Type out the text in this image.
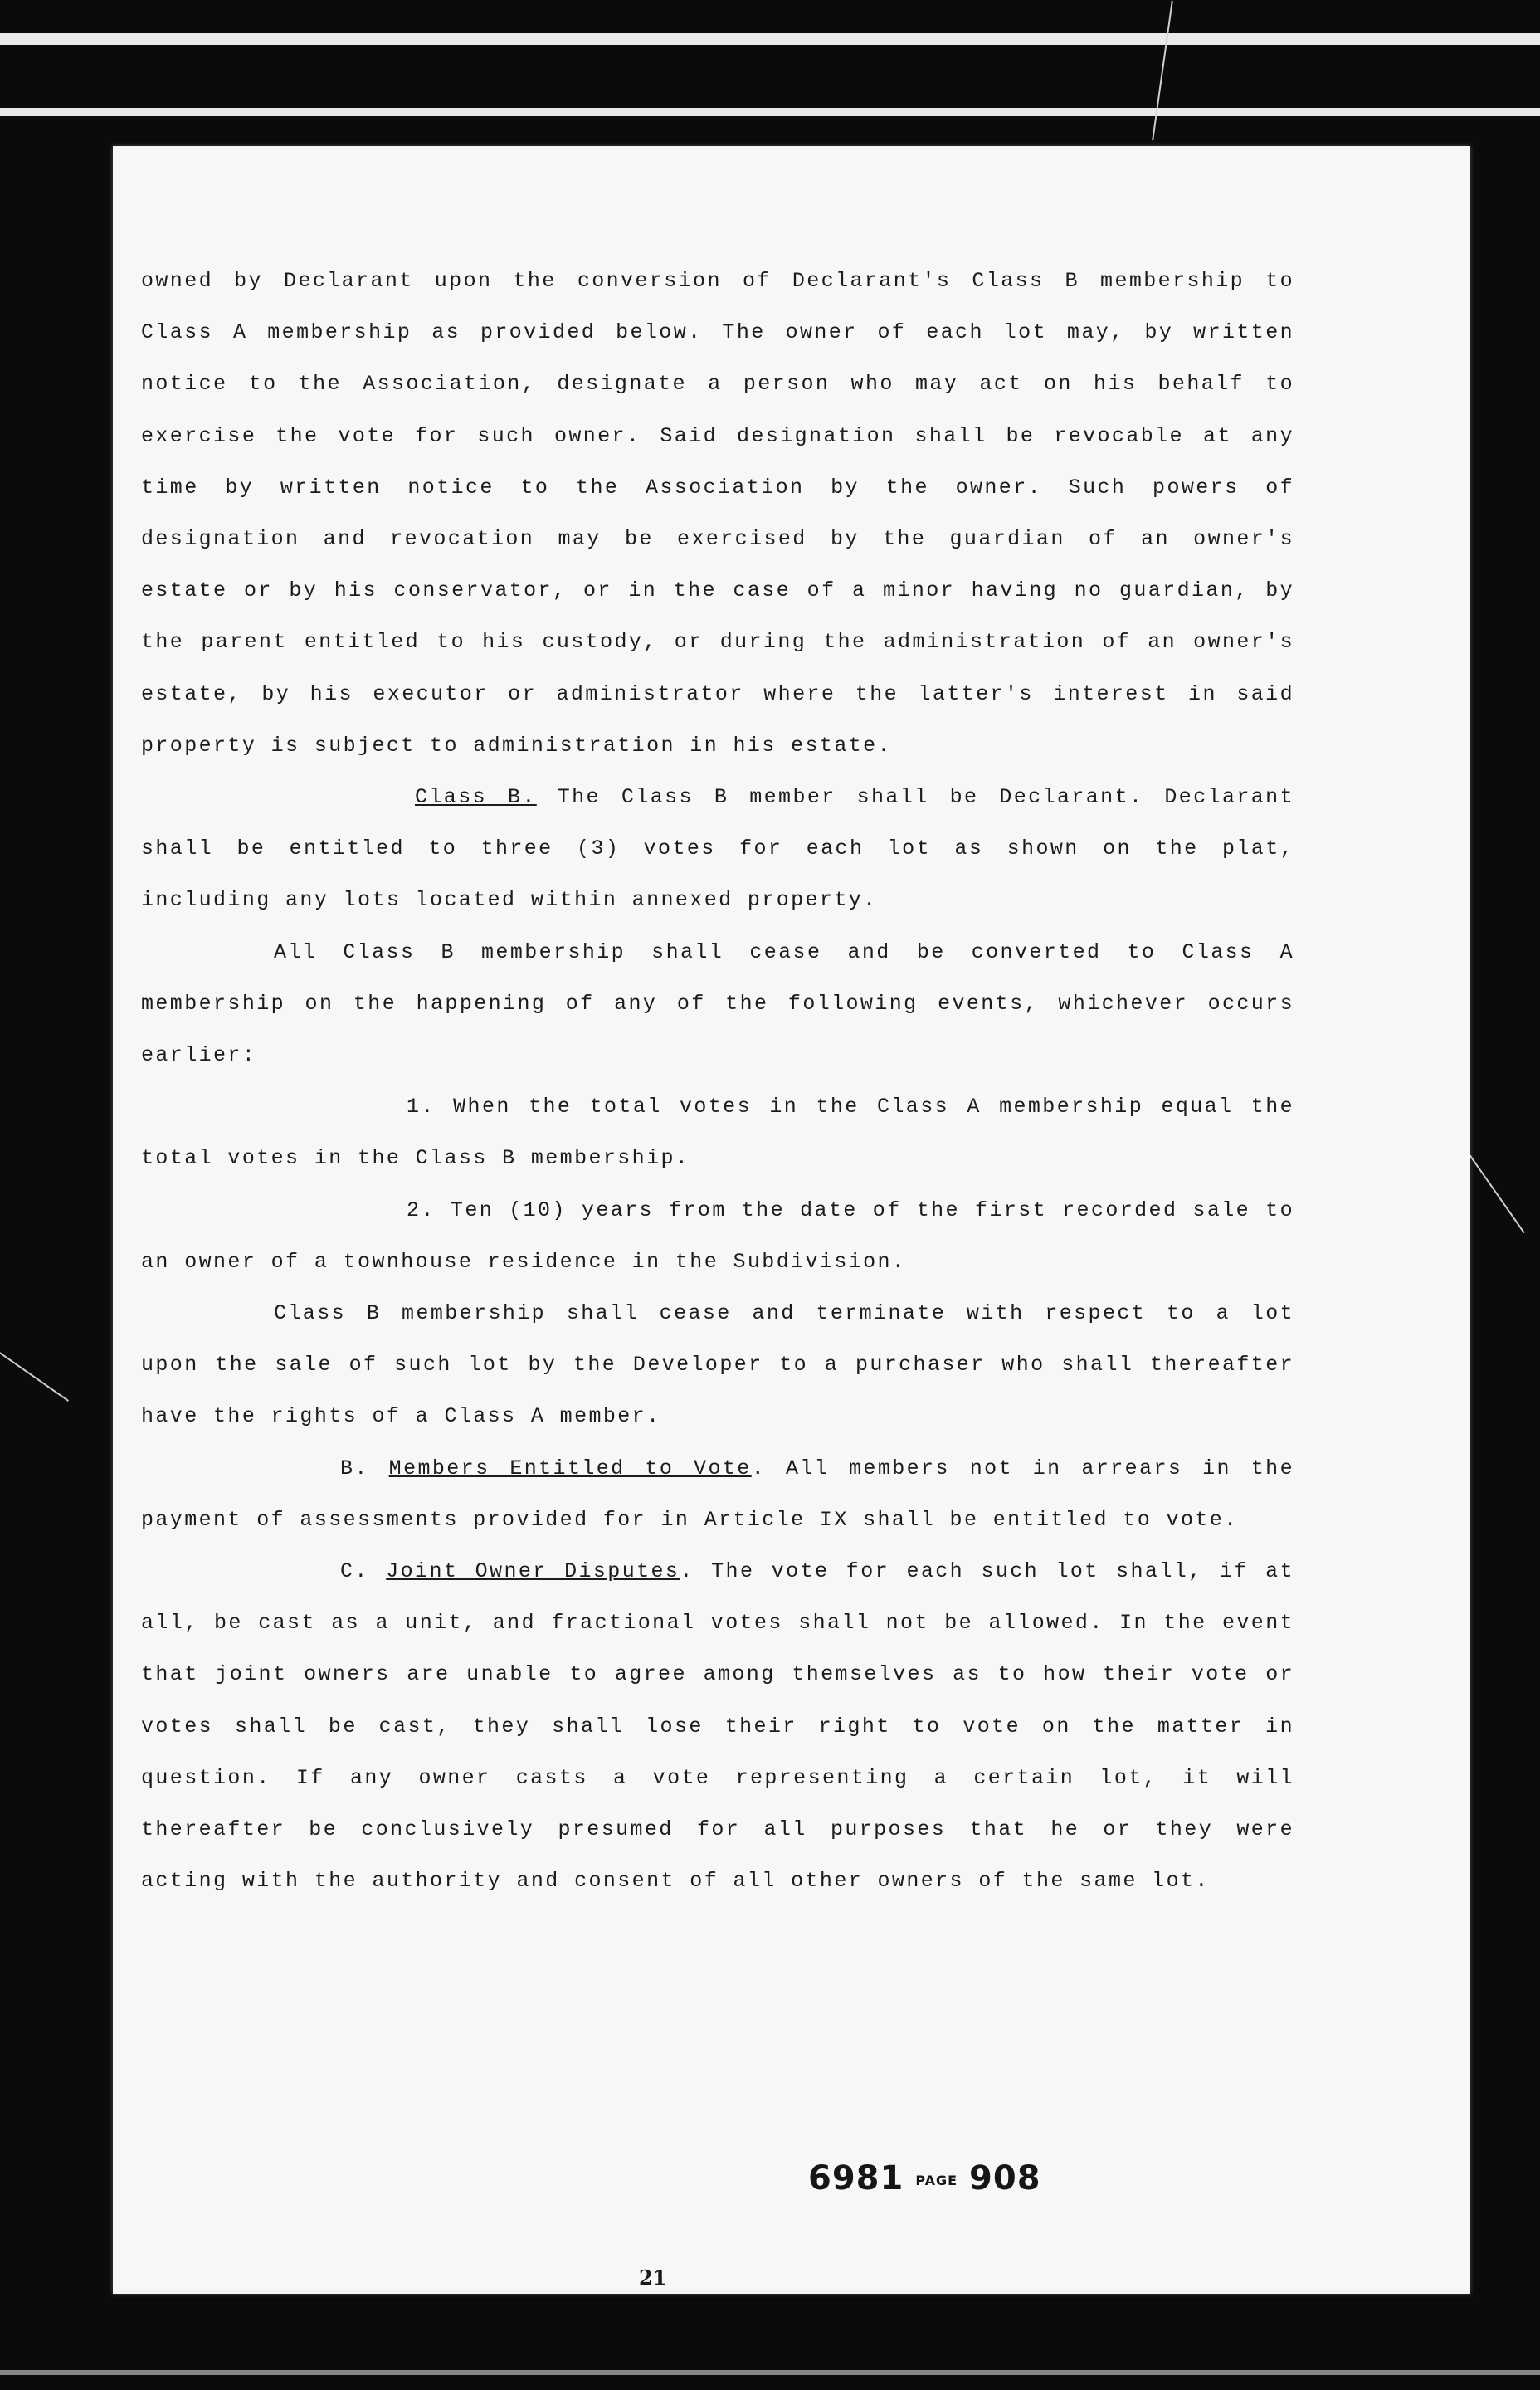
owned by Declarant upon the conversion of Declarant's Class B membership to Class A membership as provided below. The owner of each lot may, by written notice to the Association, designate a person who may act on his behalf to exercise the vote for such owner. Said designation shall be revocable at any time by written notice to the Association by the owner. Such powers of designation and revocation may be exercised by the guardian of an owner's estate or by his conservator, or in the case of a minor having no guardian, by the parent entitled to his custody, or during the administration of an owner's estate, by his executor or administrator where the latter's interest in said property is subject to administration in his estate.

Class B. The Class B member shall be Declarant. Declarant shall be entitled to three (3) votes for each lot as shown on the plat, including any lots located within annexed property.

All Class B membership shall cease and be converted to Class A membership on the happening of any of the following events, whichever occurs earlier:

1. When the total votes in the Class A membership equal the total votes in the Class B membership.

2. Ten (10) years from the date of the first recorded sale to an owner of a townhouse residence in the Subdivision.

Class B membership shall cease and terminate with respect to a lot upon the sale of such lot by the Developer to a purchaser who shall thereafter have the rights of a Class A member.

B. Members Entitled to Vote. All members not in arrears in the payment of assessments provided for in Article IX shall be entitled to vote.

C. Joint Owner Disputes. The vote for each such lot shall, if at all, be cast as a unit, and fractional votes shall not be allowed. In the event that joint owners are unable to agree among themselves as to how their vote or votes shall be cast, they shall lose their right to vote on the matter in question. If any owner casts a vote representing a certain lot, it will thereafter be conclusively presumed for all purposes that he or they were acting with the authority and consent of all other owners of the same lot.

6981 PAGE 908
21
